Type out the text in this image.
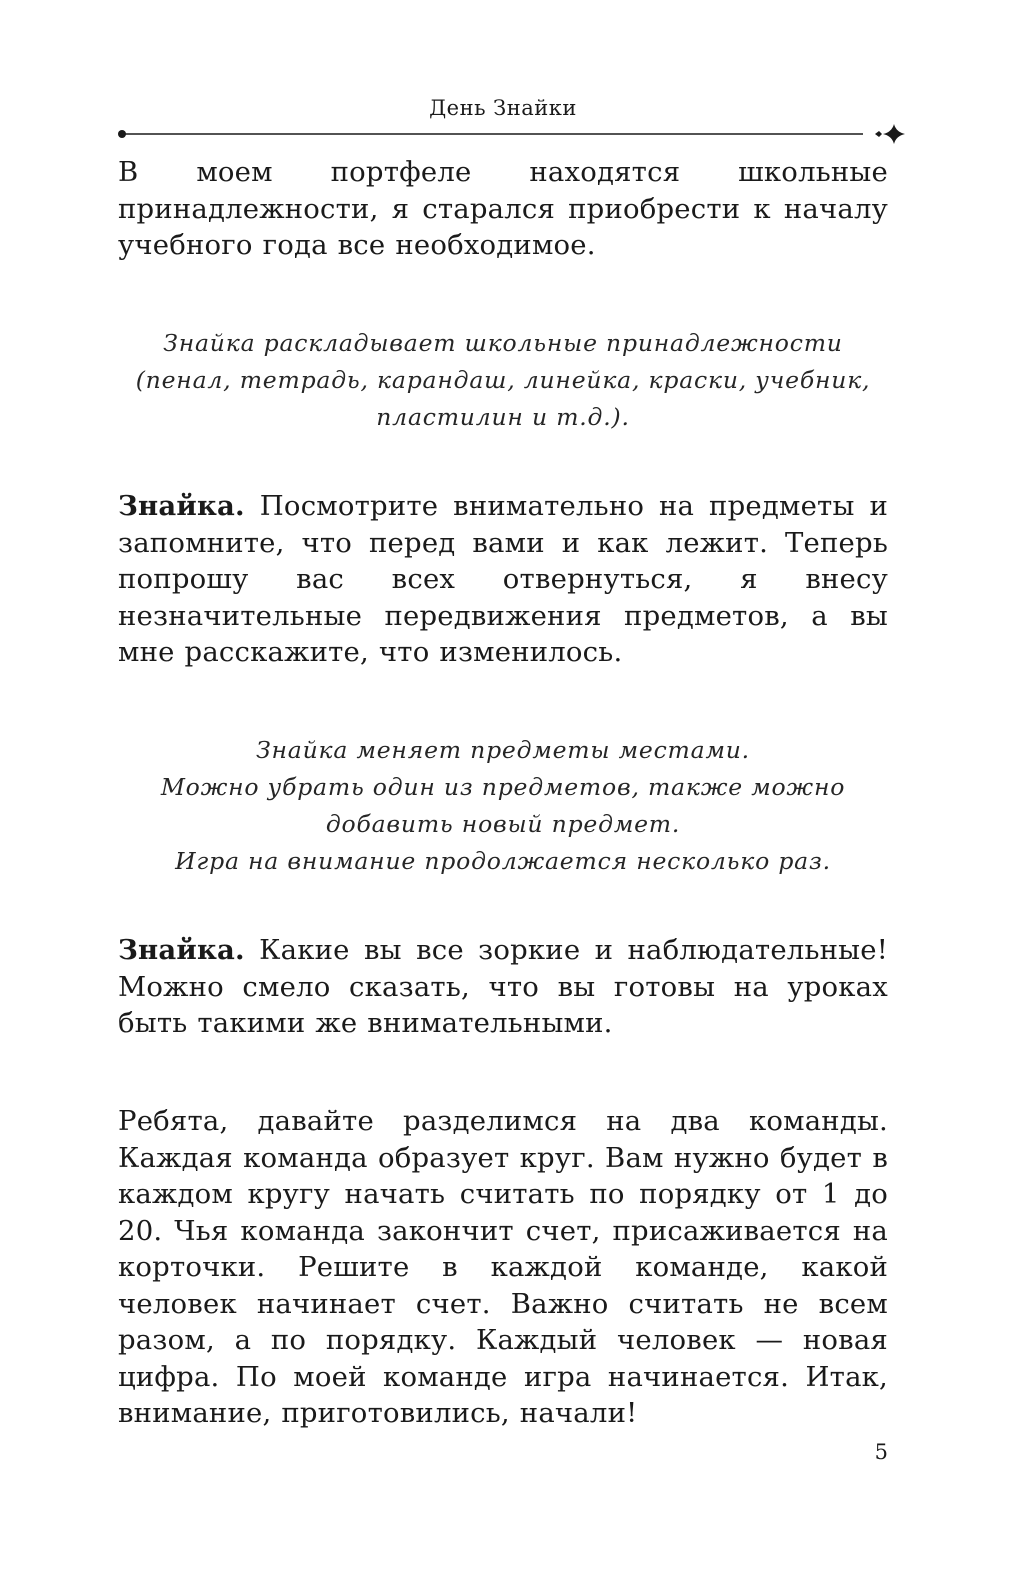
День Знайки

В моем портфеле находятся школьные принадлежности, я старался приобрести к началу учебного года все необходимое.

Знайка раскладывает школьные принадлежности
(пенал, тетрадь, карандаш, линейка, краски, учебник,
пластилин и т.д.).

Знайка. Посмотрите внимательно на предметы и запомните, что перед вами и как лежит. Теперь попрошу вас всех отвернуться, я внесу незначительные передвижения предметов, а вы мне расскажите, что изменилось.

Знайка меняет предметы местами.
Можно убрать один из предметов, также можно
добавить новый предмет.
Игра на внимание продолжается несколько раз.

Знайка. Какие вы все зоркие и наблюдательные! Можно смело сказать, что вы готовы на уроках быть такими же внимательными.

Ребята, давайте разделимся на два команды. Каждая команда образует круг. Вам нужно будет в каждом кругу начать считать по порядку от 1 до 20. Чья команда закончит счет, присаживается на корточки. Решите в каждой команде, какой человек начинает счет. Важно считать не всем разом, а по порядку. Каждый человек — новая цифра. По моей команде игра начинается. Итак, внимание, приготовились, начали!

5
